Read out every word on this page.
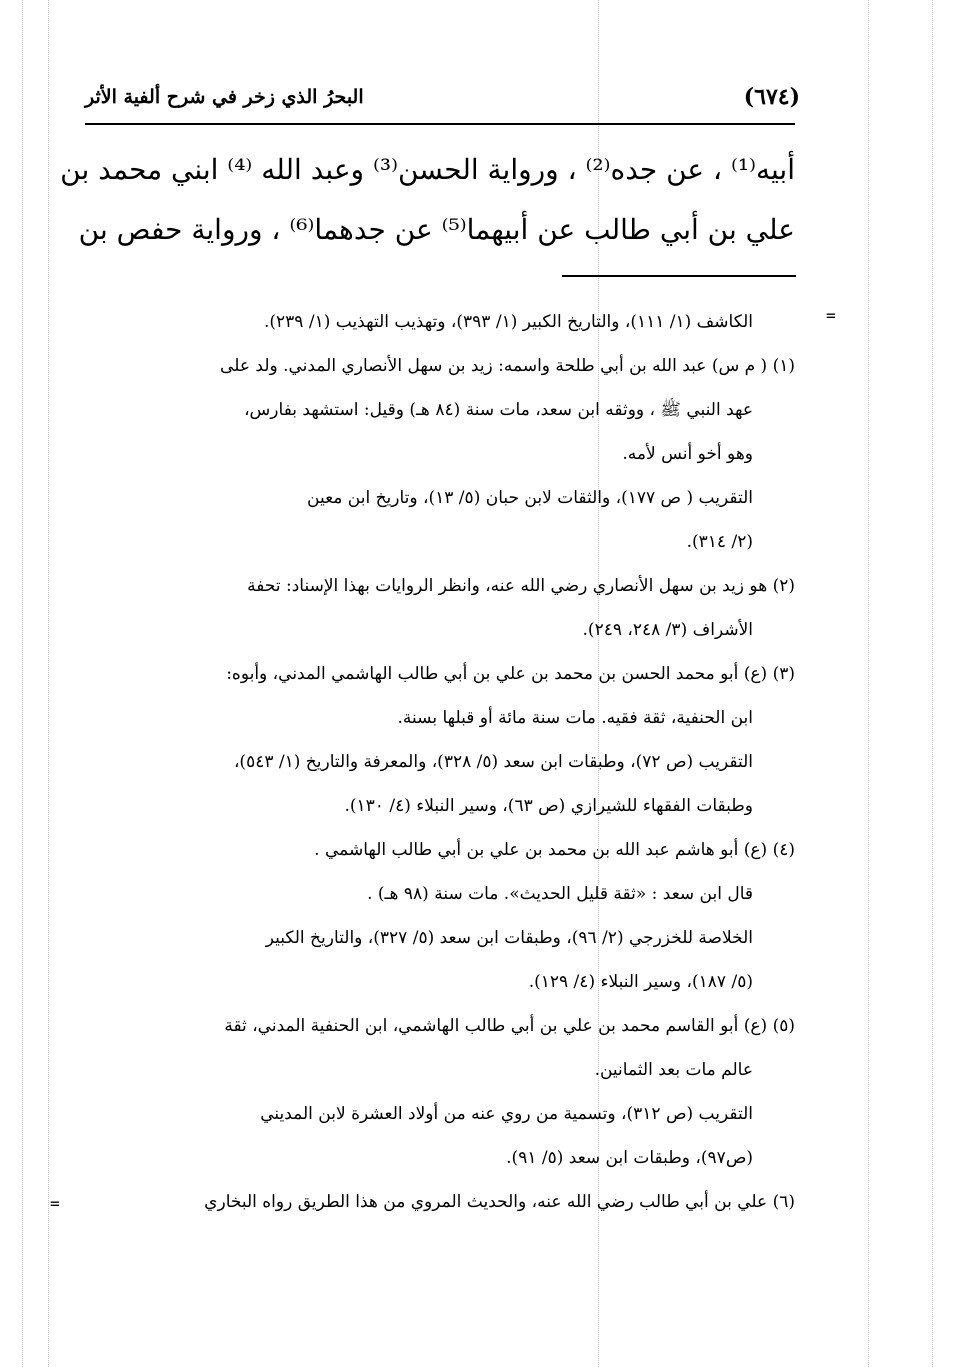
(٦٧٤)
البحرُ الذي زخر في شرح ألفية الأثر
أبيه⁽¹⁾ ، عن جده⁽²⁾ ، ورواية الحسن⁽³⁾ وعبد الله ⁽⁴⁾ ابني محمد بن
علي بن أبي طالب عن أبيهما⁽⁵⁾ عن جدهما⁽⁶⁾ ، ورواية حفص بن
الكاشف (١/ ١١١)، والتاريخ الكبير (١/ ٣٩٣)، وتهذيب التهذيب (١/ ٢٣٩).
(١) ( م س) عبد الله بن أبي طلحة واسمه: زيد بن سهل الأنصاري المدني. ولد على
عهد النبي ﷺ ، ووثقه ابن سعد، مات سنة (٨٤ هـ) وقيل: استشهد بفارس،
وهو أخو أنس لأمه.
التقريب ( ص ١٧٧)، والثقات لابن حبان (٥/ ١٣)، وتاريخ ابن معين
(٢/ ٣١٤).
(٢) هو زيد بن سهل الأنصاري رضي الله عنه، وانظر الروايات بهذا الإسناد: تحفة
الأشراف (٣/ ٢٤٨، ٢٤٩).
(٣) (ع) أبو محمد الحسن بن محمد بن علي بن أبي طالب الهاشمي المدني، وأبوه:
ابن الحنفية، ثقة فقيه. مات سنة مائة أو قبلها بسنة.
التقريب (ص ٧٢)، وطبقات ابن سعد (٥/ ٣٢٨)، والمعرفة والتاريخ (١/ ٥٤٣)،
وطبقات الفقهاء للشيرازي (ص ٦٣)، وسير النبلاء (٤/ ١٣٠).
(٤) (ع) أبو هاشم عبد الله بن محمد بن علي بن أبي طالب الهاشمي .
قال ابن سعد : «ثقة قليل الحديث». مات سنة (٩٨ هـ) .
الخلاصة للخزرجي (٢/ ٩٦)، وطبقات ابن سعد (٥/ ٣٢٧)، والتاريخ الكبير
(٥/ ١٨٧)، وسير النبلاء (٤/ ١٢٩).
(٥) (ع) أبو القاسم محمد بن علي بن أبي طالب الهاشمي، ابن الحنفية المدني، ثقة
عالم مات بعد الثمانين.
التقريب (ص ٣١٢)، وتسمية من روي عنه من أولاد العشرة لابن المديني
(ص٩٧)، وطبقات ابن سعد (٥/ ٩١).
(٦) علي بن أبي طالب رضي الله عنه، والحديث المروي من هذا الطريق رواه البخاري
=
=
